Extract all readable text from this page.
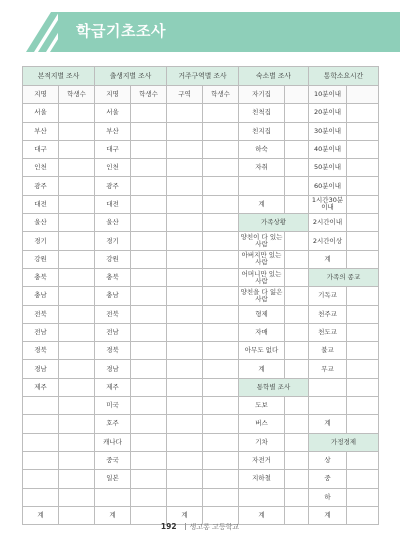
학급기초조사
본적지별 조사		출생지별 조사		거주구역별 조사		숙소별 조사		통학소요시간	
지명	학생수	지명	학생수	구역	학생수	자기집		10분이내	
서울		서울				친척집		20분이내	
부산		부산				친지집		30분이내	
대구		대구				하숙		40분이내	
인천		인천				자취		50분이내	
광주		광주						60분이내	
대전		대전				계		1시간30분이내	
울산		울산				가족상황		2시간이내	
경기		경기				양친이 다 있는사람		2시간이상	
강원		강원				아버지만 있는사람		계	
충북		충북				어머니만 있는사람		가족의 종교	
충남		충남				양친을 다 잃은 사람		기독교	
전북		전북				형제		천주교	
전남		전남				자매		천도교	
경북		경북				아무도 없다		불교	
경남		경남				계		무교	
제주		제주				통학별 조사			
		미국				도보			
		호주				버스		계	
		캐나다				기차		가정경제	
		중국				자전거		상	
		일본				지하철		중	
								하	
계		계		계		계		계	
192 생고롱 고등학교
